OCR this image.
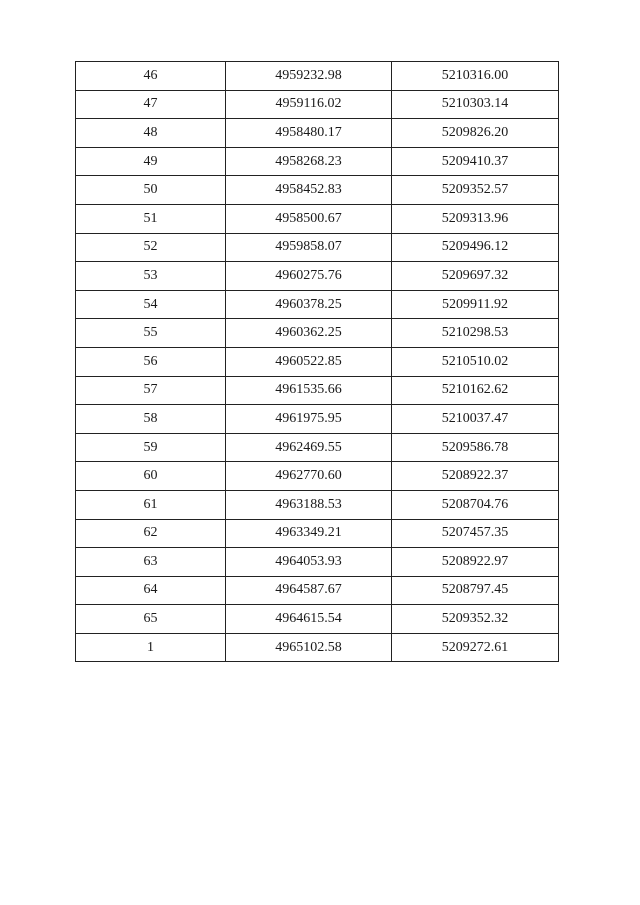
46	4959232.98	5210316.00
47	4959116.02	5210303.14
48	4958480.17	5209826.20
49	4958268.23	5209410.37
50	4958452.83	5209352.57
51	4958500.67	5209313.96
52	4959858.07	5209496.12
53	4960275.76	5209697.32
54	4960378.25	5209911.92
55	4960362.25	5210298.53
56	4960522.85	5210510.02
57	4961535.66	5210162.62
58	4961975.95	5210037.47
59	4962469.55	5209586.78
60	4962770.60	5208922.37
61	4963188.53	5208704.76
62	4963349.21	5207457.35
63	4964053.93	5208922.97
64	4964587.67	5208797.45
65	4964615.54	5209352.32
1	4965102.58	5209272.61
